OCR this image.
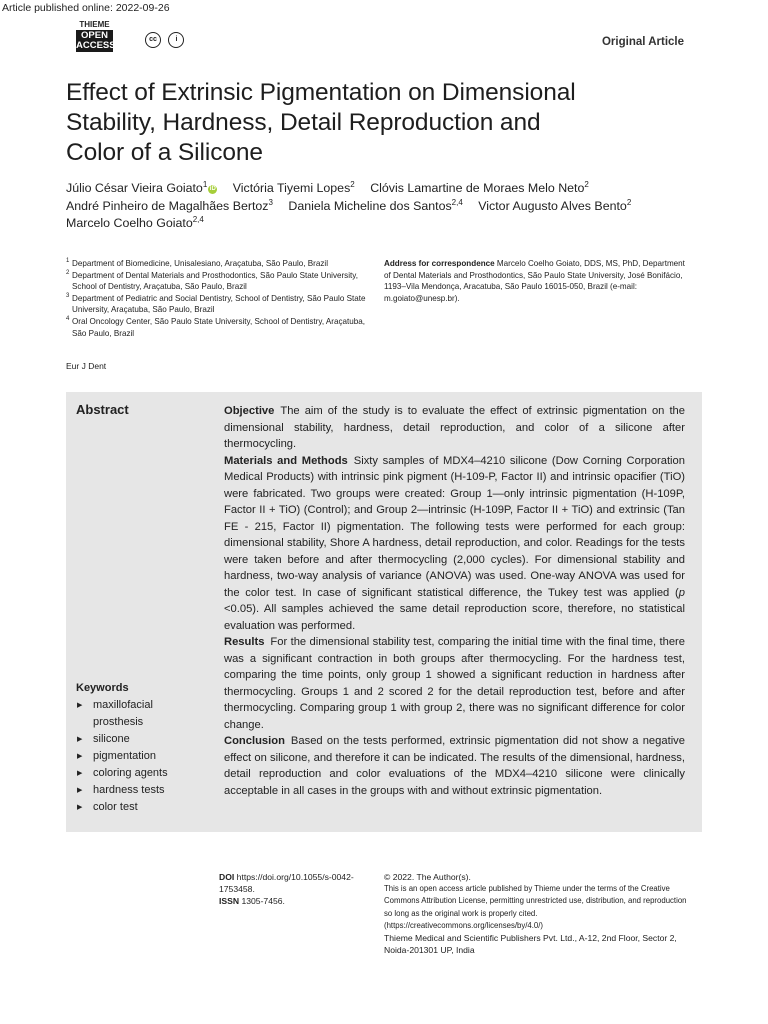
Article published online: 2022-09-26
THIEME
OPEN
ACCESS
cc	i	Original Article
Effect of Extrinsic Pigmentation on Dimensional
Stability, Hardness, Detail Reproduction and
Color of a Silicone
Júlio César Vieira Goiato$^1$iD Victória Tiyemi Lopes$^2$ Clóvis Lamartine de Moraes Melo Neto$^2$
André Pinheiro de Magalhães Bertoz$^3$ Daniela Micheline dos Santos$^{2,4}$ Victor Augusto Alves Bento$^2$
Marcelo Coelho Goiato$^{2,4}$
1 Department of Biomedicine, Unisalesiano, Araçatuba, São Paulo, Brazil
2 Department of Dental Materials and Prosthodontics, São Paulo State University, School of Dentistry, Araçatuba, São Paulo, Brazil
3 Department of Pediatric and Social Dentistry, School of Dentistry, São Paulo State University, Araçatuba, São Paulo, Brazil
4 Oral Oncology Center, São Paulo State University, School of Dentistry, Araçatuba, São Paulo, Brazil
Address for correspondence Marcelo Coelho Goiato, DDS, MS, PhD, Department of Dental Materials and Prosthodontics, São Paulo State University, José Bonifácio, 1193–Vila Mendonça, Aracatuba, São Paulo 16015-050, Brazil (e-mail: m.goiato@unesp.br).
Eur J Dent
Abstract	Objective The aim of the study is to evaluate the effect of extrinsic pigmentation on the dimensional stability, hardness, detail reproduction, and color of a silicone after thermocycling.

Materials and Methods Sixty samples of MDX4–4210 silicone (Dow Corning Corporation Medical Products) with intrinsic pink pigment (H-109-P, Factor II) and intrinsic opacifier (TiO) were fabricated. Two groups were created: Group 1—only intrinsic pigmentation (H-109P, Factor II + TiO) (Control); and Group 2—intrinsic (H-109P, Factor II + TiO) and extrinsic (Tan FE - 215, Factor II) pigmentation. The following tests were performed for each group: dimensional stability, Shore A hardness, detail reproduction, and color. Readings for the tests were taken before and after thermocycling (2,000 cycles). For dimensional stability and hardness, two-way analysis of variance (ANOVA) was used. One-way ANOVA was used for the color test. In case of significant statistical difference, the Tukey test was applied (p <0.05). All samples achieved the same detail reproduction score, therefore, no statistical evaluation was performed.

Results For the dimensional stability test, comparing the initial time with the final time, there was a significant contraction in both groups after thermocycling. For the hardness test, comparing the time points, only group 1 showed a significant reduction in hardness after thermocycling. Groups 1 and 2 scored 2 for the detail reproduction test, before and after thermocycling. Comparing group 1 with group 2, there was no significant difference for color change.

Conclusion Based on the tests performed, extrinsic pigmentation did not show a negative effect on silicone, and therefore it can be indicated. The results of the dimensional, hardness, detail reproduction and color evaluations of the MDX4–4210 silicone were clinically acceptable in all cases in the groups with and without extrinsic pigmentation.

Keywords
▶ maxillofacial prosthesis
▶ silicone
▶ pigmentation
▶ coloring agents
▶ hardness tests
▶ color test
DOI https://doi.org/10.1055/s-0042-1753458.
ISSN 1305-7456.
© 2022. The Author(s).
This is an open access article published by Thieme under the terms of the Creative Commons Attribution License, permitting unrestricted use, distribution, and reproduction so long as the original work is properly cited. (https://creativecommons.org/licenses/by/4.0/)
Thieme Medical and Scientific Publishers Pvt. Ltd., A-12, 2nd Floor, Sector 2, Noida-201301 UP, India
